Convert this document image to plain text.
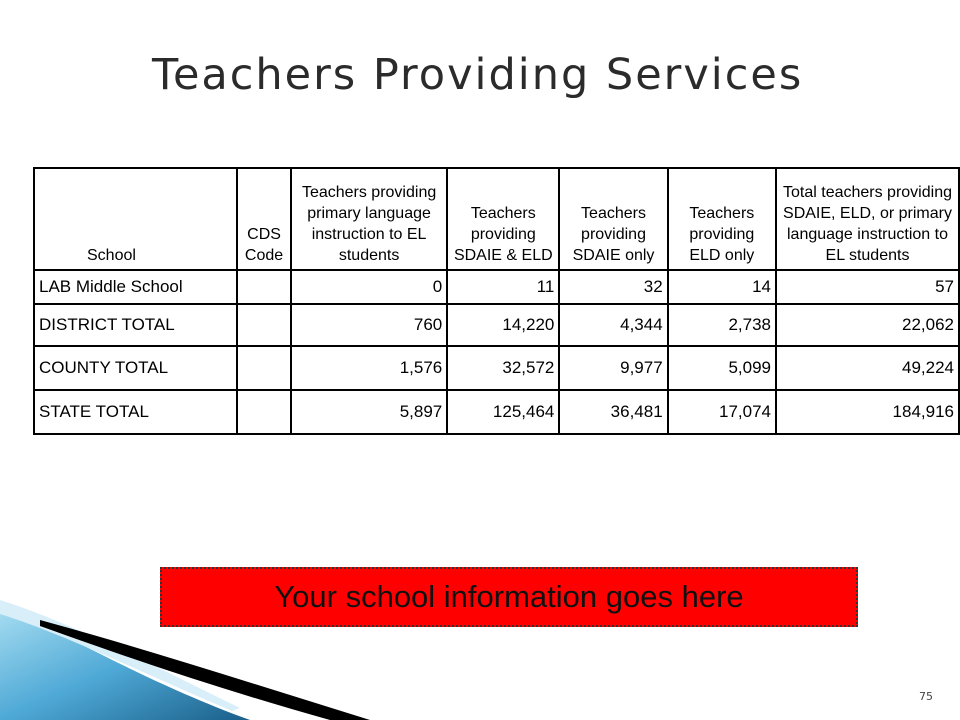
Teachers Providing Services
School	CDS Code	Teachers providing primary language instruction to EL students	Teachers providing SDAIE & ELD	Teachers providing SDAIE only	Teachers providing ELD only	Total teachers providing SDAIE, ELD, or primary language instruction to EL students
LAB Middle School		0	11	32	14	57
DISTRICT TOTAL		760	14,220	4,344	2,738	22,062
COUNTY TOTAL		1,576	32,572	9,977	5,099	49,224
STATE TOTAL		5,897	125,464	36,481	17,074	184,916
Your school information goes here
75
